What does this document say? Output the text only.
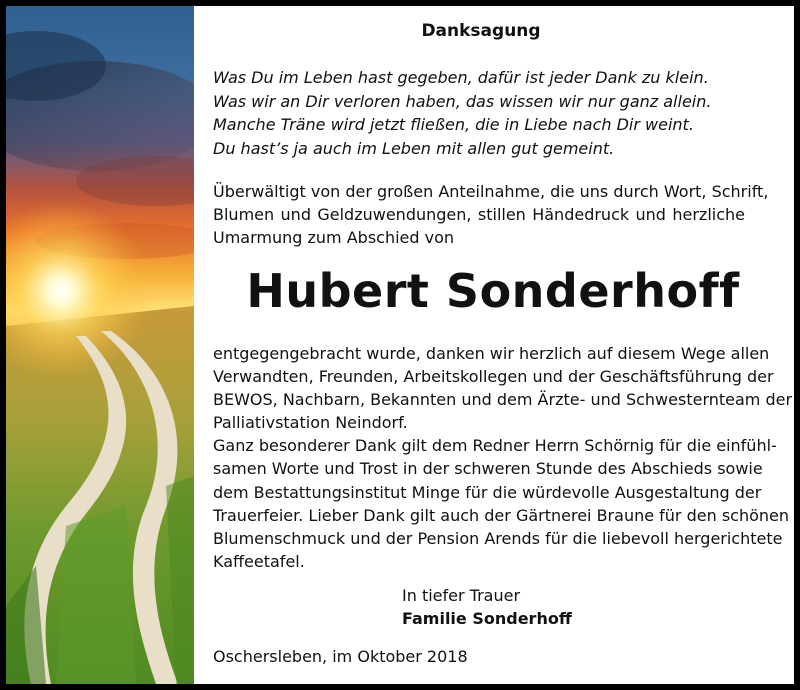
Danksagung
Was Du im Leben hast gegeben, dafür ist jeder Dank zu klein.
Was wir an Dir verloren haben, das wissen wir nur ganz allein.
Manche Träne wird jetzt fließen, die in Liebe nach Dir weint.
Du hast’s ja auch im Leben mit allen gut gemeint.
Überwältigt von der großen Anteilnahme, die uns durch Wort, Schrift,
Blumen und Geldzuwendungen, stillen Händedruck und herzliche
Umarmung zum Abschied von
Hubert Sonderhoff
entgegengebracht wurde, danken wir herzlich auf diesem Wege allen
Verwandten, Freunden, Arbeitskollegen und der Geschäftsführung der
BEWOS, Nachbarn, Bekannten und dem Ärzte- und Schwesternteam der
Palliativstation Neindorf.
Ganz besonderer Dank gilt dem Redner Herrn Schörnig für die einfühl-
samen Worte und Trost in der schweren Stunde des Abschieds sowie
dem Bestattungsinstitut Minge für die würdevolle Ausgestaltung der
Trauerfeier. Lieber Dank gilt auch der Gärtnerei Braune für den schönen
Blumenschmuck und der Pension Arends für die liebevoll hergerichtete
Kaffeetafel.
In tiefer Trauer
Familie Sonderhoff
Oschersleben, im Oktober 2018
